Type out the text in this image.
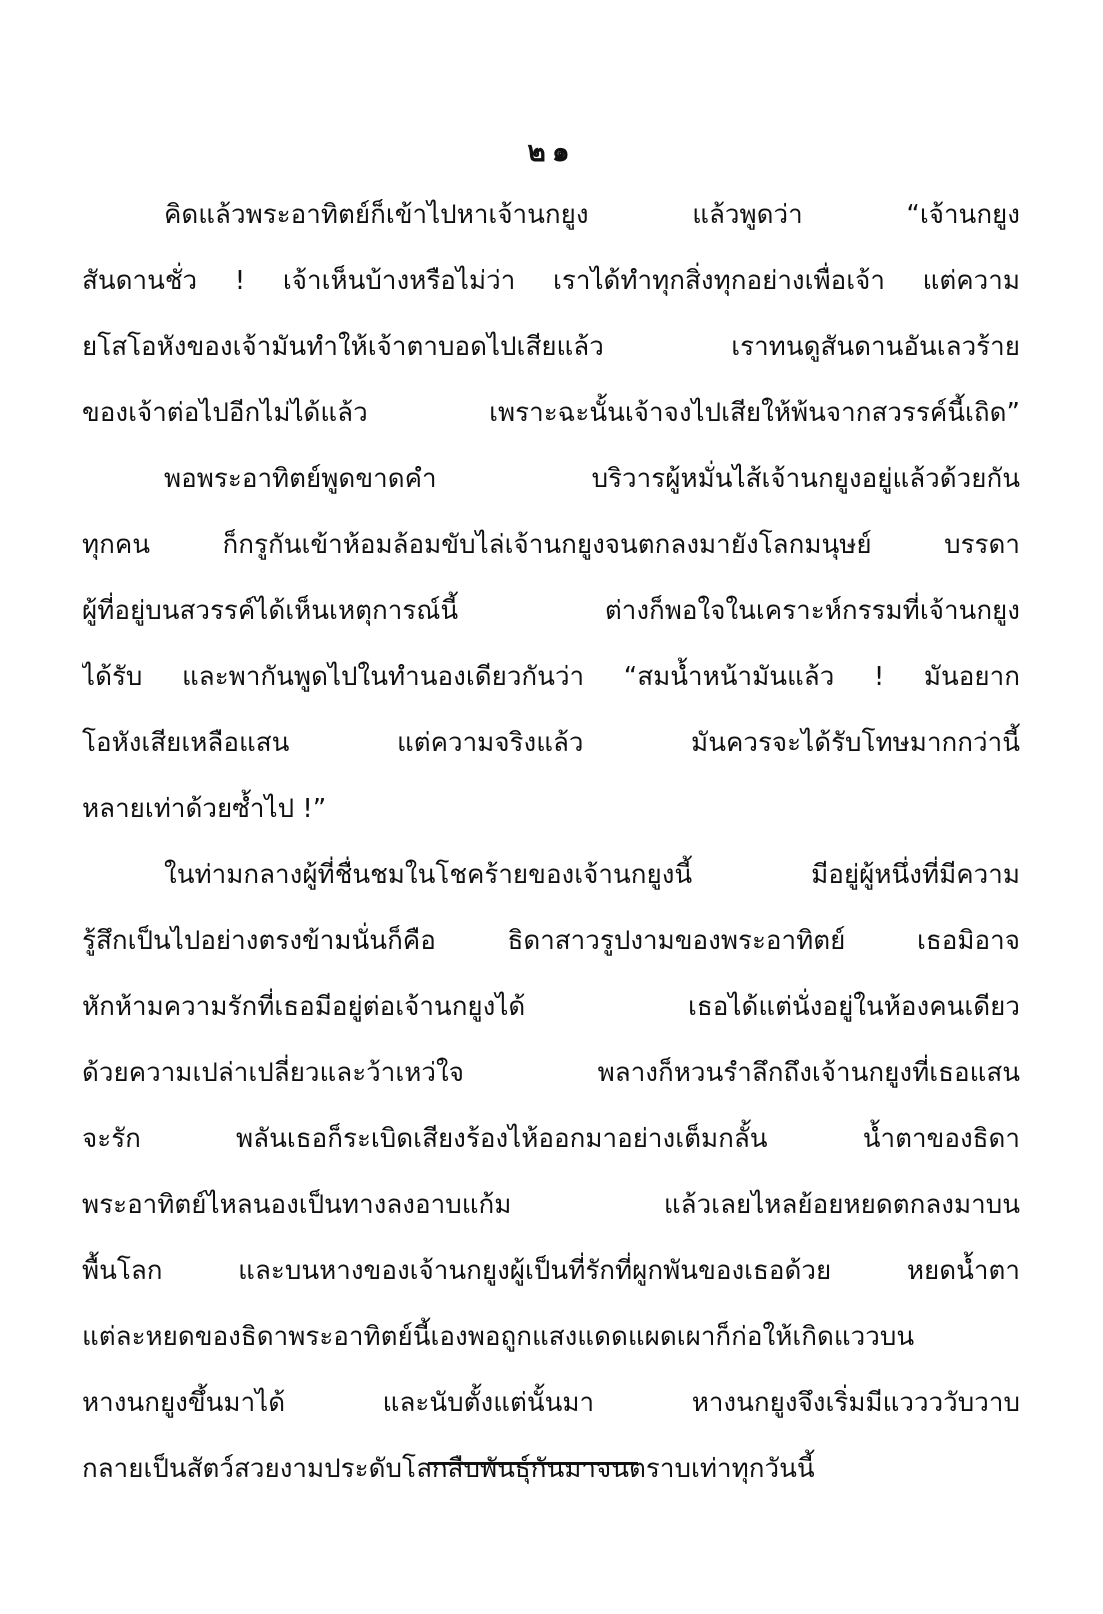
๒๑
คิดแล้วพระอาทิตย์ก็เข้าไปหาเจ้านกยูง แล้วพูดว่า “เจ้านกยูง
สันดานชั่ว ! เจ้าเห็นบ้างหรือไม่ว่า เราได้ทำทุกสิ่งทุกอย่างเพื่อเจ้า แต่ความ
ยโสโอหังของเจ้ามันทำให้เจ้าตาบอดไปเสียแล้ว เราทนดูสันดานอันเลวร้าย
ของเจ้าต่อไปอีกไม่ได้แล้ว เพราะฉะนั้นเจ้าจงไปเสียให้พ้นจากสวรรค์นี้เถิด”
พอพระอาทิตย์พูดขาดคำ บริวารผู้หมั่นไส้เจ้านกยูงอยู่แล้วด้วยกัน
ทุกคน ก็กรูกันเข้าห้อมล้อมขับไล่เจ้านกยูงจนตกลงมายังโลกมนุษย์ บรรดา
ผู้ที่อยู่บนสวรรค์ได้เห็นเหตุการณ์นี้ ต่างก็พอใจในเคราะห์กรรมที่เจ้านกยูง
ได้รับ และพากันพูดไปในทำนองเดียวกันว่า “สมน้ำหน้ามันแล้ว ! มันอยาก
โอหังเสียเหลือแสน แต่ความจริงแล้ว มันควรจะได้รับโทษมากกว่านี้
หลายเท่าด้วยซ้ำไป !”
ในท่ามกลางผู้ที่ชื่นชมในโชคร้ายของเจ้านกยูงนี้ มีอยู่ผู้หนึ่งที่มีความ
รู้สึกเป็นไปอย่างตรงข้ามนั่นก็คือ ธิดาสาวรูปงามของพระอาทิตย์ เธอมิอาจ
หักห้ามความรักที่เธอมีอยู่ต่อเจ้านกยูงได้ เธอได้แต่นั่งอยู่ในห้องคนเดียว
ด้วยความเปล่าเปลี่ยวและว้าเหว่ใจ พลางก็หวนรำลึกถึงเจ้านกยูงที่เธอแสน
จะรัก พลันเธอก็ระเบิดเสียงร้องไห้ออกมาอย่างเต็มกลั้น น้ำตาของธิดา
พระอาทิตย์ไหลนองเป็นทางลงอาบแก้ม แล้วเลยไหลย้อยหยดตกลงมาบน
พื้นโลก และบนหางของเจ้านกยูงผู้เป็นที่รักที่ผูกพันของเธอด้วย หยดน้ำตา
แต่ละหยดของธิดาพระอาทิตย์นี้เองพอถูกแสงแดดแผดเผาก็ก่อให้เกิดแววบน
หางนกยูงขึ้นมาได้ และนับตั้งแต่นั้นมา หางนกยูงจึงเริ่มมีแววววับวาบ
กลายเป็นสัตว์สวยงามประดับโลกสืบพันธุ์กันมาจนตราบเท่าทุกวันนี้
